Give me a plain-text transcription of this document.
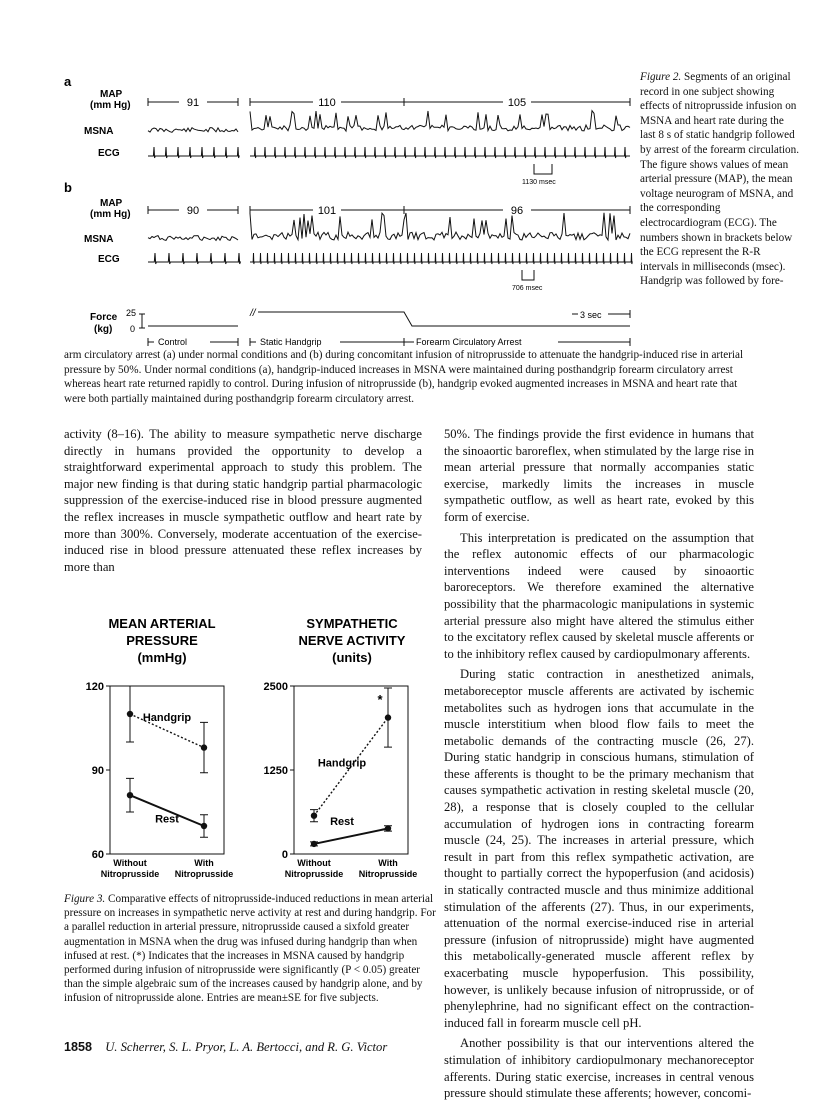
a
MAP
(mm Hg)
MSNA
ECG
91	110	105
1130 msec
b
MAP
(mm Hg)
MSNA
ECG
90	101	96
706 msec
Force
(kg)
25
0
//	3 sec
Control	Static Handgrip	Forearm Circulatory Arrest
Figure 2. Segments of an original record in one subject showing effects of nitroprusside infusion on MSNA and heart rate during the last 8 s of static handgrip followed by arrest of the forearm circulation. The figure shows values of mean arterial pressure (MAP), the mean voltage neurogram of MSNA, and the corresponding electrocardiogram (ECG). The numbers shown in brackets below the ECG represent the R-R intervals in milliseconds (msec). Handgrip was followed by fore-
arm circulatory arrest (a) under normal conditions and (b) during concomitant infusion of nitroprusside to attenuate the handgrip-induced rise in arterial pressure by 50%. Under normal conditions (a), handgrip-induced increases in MSNA were maintained during posthandgrip forearm circulatory arrest whereas heart rate returned rapidly to control. During infusion of nitroprusside (b), handgrip evoked augmented increases in MSNA and heart rate that were both partially maintained during posthandgrip forearm circulatory arrest.

activity (8–16). The ability to measure sympathetic nerve discharge directly in humans provided the opportunity to develop a straightforward experimental approach to study this problem. The major new finding is that during static handgrip partial pharmacologic suppression of the exercise-induced rise in blood pressure augmented the reflex increases in muscle sympathetic outflow and heart rate by more than 300%. Conversely, moderate accentuation of the exercise-induced rise in blood pressure attenuated these reflex increases by more than

50%. The findings provide the first evidence in humans that the sinoaortic baroreflex, when stimulated by the large rise in mean arterial pressure that normally accompanies static exercise, markedly limits the increases in muscle sympathetic outflow, as well as heart rate, evoked by this form of exercise.

This interpretation is predicated on the assumption that the reflex autonomic effects of our pharmacologic interventions indeed were caused by sinoaortic baroreceptors. We therefore examined the alternative possibility that the pharmacologic manipulations in systemic arterial pressure also might have altered the stimulus either to the excitatory reflex caused by skeletal muscle afferents or to the inhibitory reflex caused by cardiopulmonary afferents.

During static contraction in anesthetized animals, metaboreceptor muscle afferents are activated by ischemic metabolites such as hydrogen ions that accumulate in the muscle interstitium when blood flow fails to meet the metabolic demands of the contracting muscle (26, 27). During static handgrip in conscious humans, stimulation of these afferents is thought to be the primary mechanism that causes sympathetic activation in resting skeletal muscle (20, 28), a response that is closely coupled to the cellular accumulation of hydrogen ions in contracting forearm muscle (24, 25). The increases in arterial pressure, which result in part from this reflex sympathetic activation, are thought to partially correct the hypoperfusion (and acidosis) in statically contracted muscle and thus minimize additional stimulation of the afferents (27). Thus, in our experiments, attenuation of the normal exercise-induced rise in arterial pressure (infusion of nitroprusside) might have augmented this metabolically-generated muscle afferent reflex by exacerbating muscle hypoperfusion. This possibility, however, is unlikely because infusion of nitroprusside, or of phenylephrine, had no significant effect on the contraction-induced fall in forearm muscle cell pH.

Another possibility is that our interventions altered the stimulation of inhibitory cardiopulmonary mechanoreceptor afferents. During static exercise, increases in central venous pressure should stimulate these afferents; however, concomi-

MEAN ARTERIAL
PRESSURE
(mmHg)
60
90
120
Without
Nitroprusside
With
Nitroprusside
Handgrip
Rest
SYMPATHETIC
NERVE ACTIVITY
(units)
0
1250
2500
Without
Nitroprusside
With
Nitroprusside
Handgrip
Rest
*
Figure 3. Comparative effects of nitroprusside-induced reductions in mean arterial pressure on increases in sympathetic nerve activity at rest and during handgrip. For a parallel reduction in arterial pressure, nitroprusside caused a sixfold greater augmentation in MSNA when the drug was infused during handgrip than when infused at rest. (*) Indicates that the increases in MSNA caused by handgrip performed during infusion of nitroprusside were significantly (P < 0.05) greater than the simple algebraic sum of the increases caused by handgrip alone, and by infusion of nitroprusside alone. Entries are mean±SE for five subjects.
1858 U. Scherrer, S. L. Pryor, L. A. Bertocci, and R. G. Victor
